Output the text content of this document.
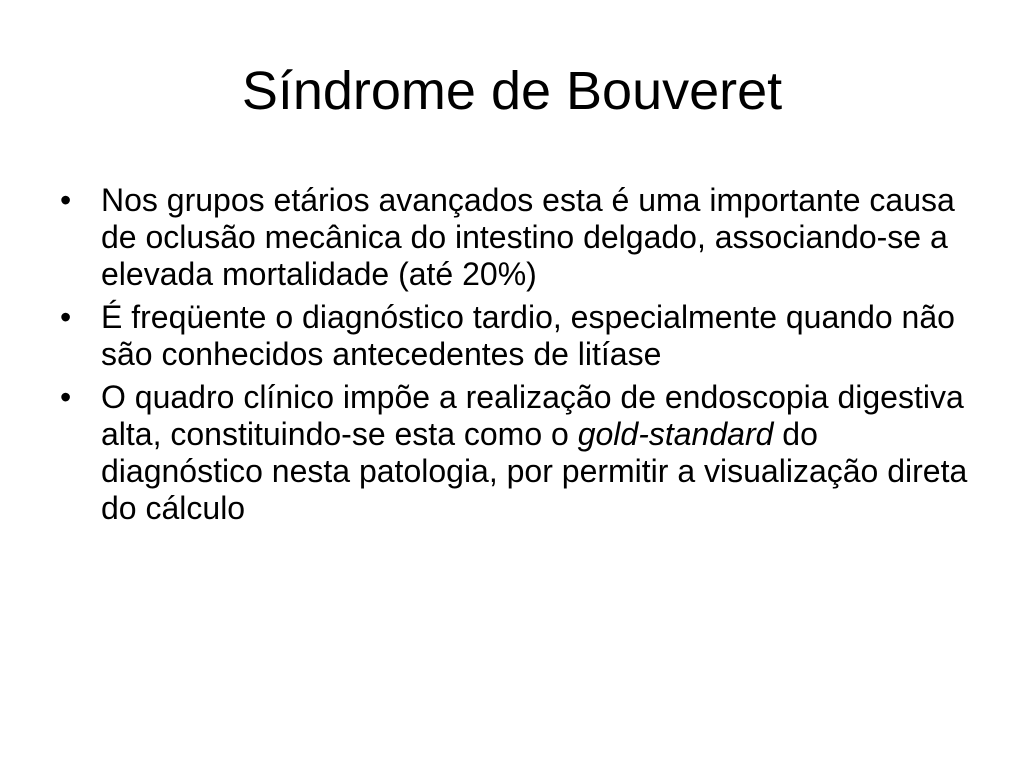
Síndrome de Bouveret
• Nos grupos etários avançados esta é uma importante causa de oclusão mecânica do intestino delgado, associando-se a elevada mortalidade (até 20%)
• É freqüente o diagnóstico tardio, especialmente quando não são conhecidos antecedentes de litíase
• O quadro clínico impõe a realização de endoscopia digestiva alta, constituindo-se esta como o gold-standard do diagnóstico nesta patologia, por permitir a visualização direta do cálculo
